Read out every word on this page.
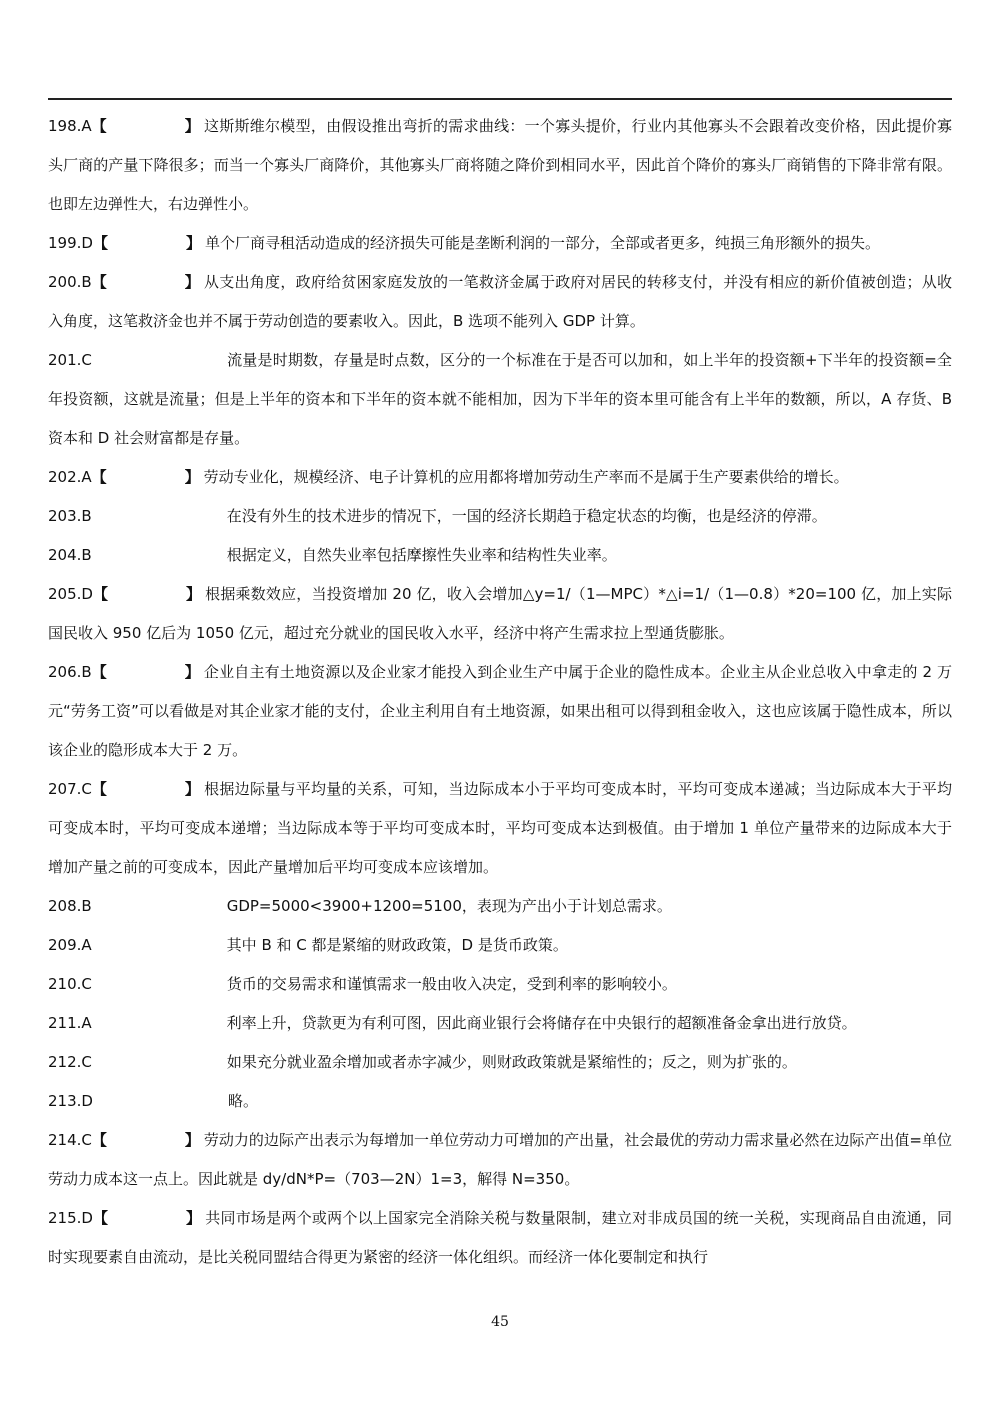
198.A【	】 这斯斯维尔模型，由假设推出弯折的需求曲线：一个寡头提价，行业内其他寡头不会跟着改变价格，因此提价寡头厂商的产量下降很多；而当一个寡头厂商降价，其他寡头厂商将随之降价到相同水平，因此首个降价的寡头厂商销售的下降非常有限。也即左边弹性大，右边弹性小。
199.D【	】 单个厂商寻租活动造成的经济损失可能是垄断利润的一部分，全部或者更多，纯损三角形额外的损失。
200.B【	】 从支出角度，政府给贫困家庭发放的一笔救济金属于政府对居民的转移支付，并没有相应的新价值被创造；从收入角度，这笔救济金也并不属于劳动创造的要素收入。因此，B 选项不能列入 GDP 计算。
201.C	流量是时期数，存量是时点数，区分的一个标准在于是否可以加和，如上半年的投资额+下半年的投资额=全年投资额，这就是流量；但是上半年的资本和下半年的资本就不能相加，因为下半年的资本里可能含有上半年的数额，所以，A 存货、B 资本和 D 社会财富都是存量。
202.A【	】 劳动专业化，规模经济、电子计算机的应用都将增加劳动生产率而不是属于生产要素供给的增长。
203.B	在没有外生的技术进步的情况下，一国的经济长期趋于稳定状态的均衡，也是经济的停滞。
204.B	根据定义，自然失业率包括摩擦性失业率和结构性失业率。
205.D【	】 根据乘数效应，当投资增加 20 亿，收入会增加△y=1/（1—MPC）*△i=1/（1—0.8）*20=100 亿，加上实际国民收入 950 亿后为 1050 亿元，超过充分就业的国民收入水平，经济中将产生需求拉上型通货膨胀。
206.B【	】 企业自主有土地资源以及企业家才能投入到企业生产中属于企业的隐性成本。企业主从企业总收入中拿走的 2 万元“劳务工资”可以看做是对其企业家才能的支付，企业主利用自有土地资源，如果出租可以得到租金收入，这也应该属于隐性成本，所以该企业的隐形成本大于 2 万。
207.C【	】 根据边际量与平均量的关系，可知，当边际成本小于平均可变成本时，平均可变成本递减；当边际成本大于平均可变成本时，平均可变成本递增；当边际成本等于平均可变成本时，平均可变成本达到极值。由于增加 1 单位产量带来的边际成本大于增加产量之前的可变成本，因此产量增加后平均可变成本应该增加。
208.B	GDP=5000<3900+1200=5100，表现为产出小于计划总需求。
209.A	其中 B 和 C 都是紧缩的财政政策，D 是货币政策。
210.C	货币的交易需求和谨慎需求一般由收入决定，受到利率的影响较小。
211.A	利率上升，贷款更为有利可图，因此商业银行会将储存在中央银行的超额准备金拿出进行放贷。
212.C	如果充分就业盈余增加或者赤字减少，则财政政策就是紧缩性的；反之，则为扩张的。
213.D	略。
214.C【	】 劳动力的边际产出表示为每增加一单位劳动力可增加的产出量，社会最优的劳动力需求量必然在边际产出值=单位劳动力成本这一点上。因此就是 dy/dN*P=（703—2N）1=3，解得 N=350。
215.D【	】 共同市场是两个或两个以上国家完全消除关税与数量限制，建立对非成员国的统一关税，实现商品自由流通，同时实现要素自由流动，是比关税同盟结合得更为紧密的经济一体化组织。而经济一体化要制定和执行
45
